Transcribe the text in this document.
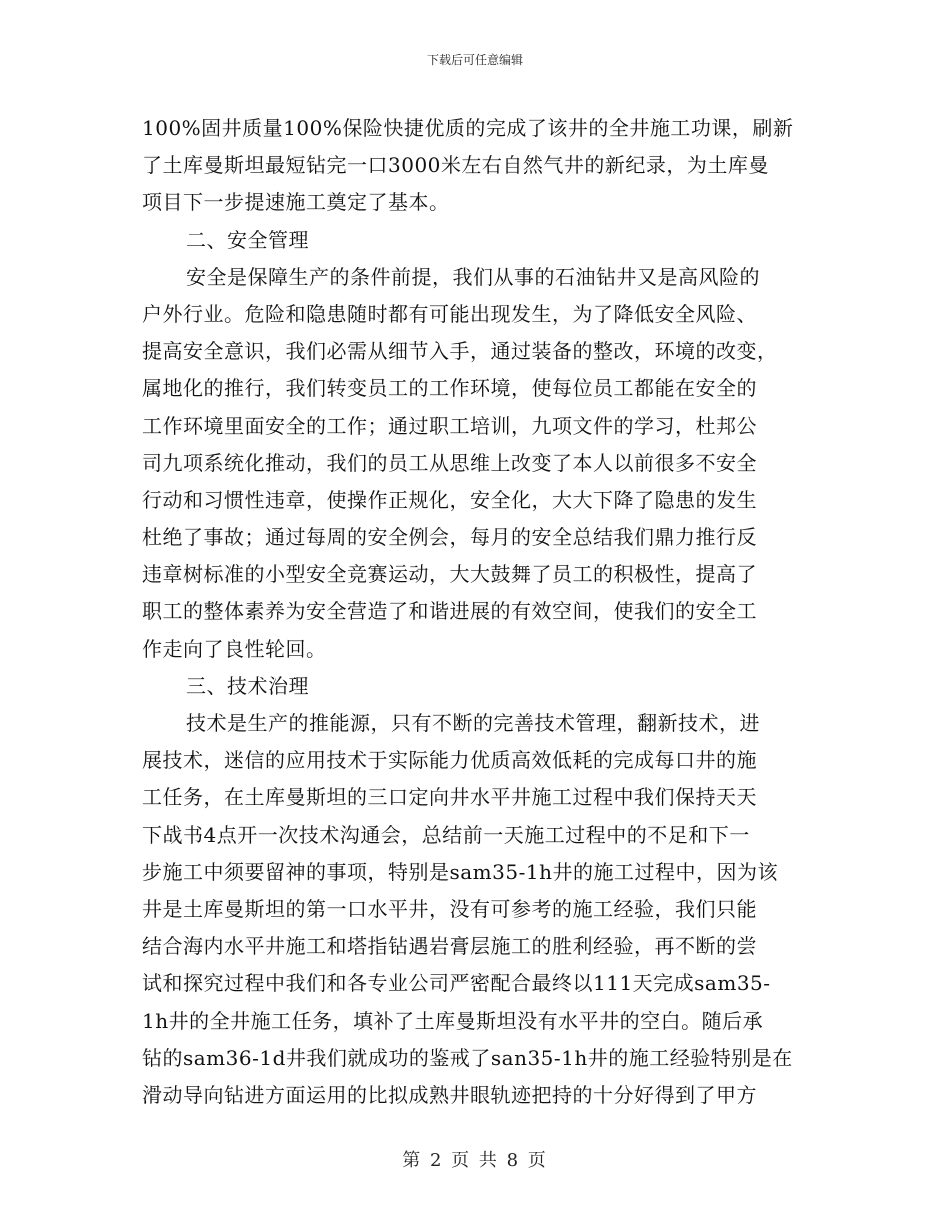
下载后可任意编辑
100%固井质量100%保险快捷优质的完成了该井的全井施工功课，刷新
了土库曼斯坦最短钻完一口3000米左右自然气井的新纪录，为土库曼
项目下一步提速施工奠定了基本。
二、安全管理
安全是保障生产的条件前提，我们从事的石油钻井又是高风险的
户外行业。危险和隐患随时都有可能出现发生，为了降低安全风险、
提高安全意识，我们必需从细节入手，通过装备的整改，环境的改变，
属地化的推行，我们转变员工的工作环境，使每位员工都能在安全的
工作环境里面安全的工作；通过职工培训，九项文件的学习，杜邦公
司九项系统化推动，我们的员工从思维上改变了本人以前很多不安全
行动和习惯性违章，使操作正规化，安全化，大大下降了隐患的发生
杜绝了事故；通过每周的安全例会，每月的安全总结我们鼎力推行反
违章树标准的小型安全竞赛运动，大大鼓舞了员工的积极性，提高了
职工的整体素养为安全营造了和谐进展的有效空间，使我们的安全工
作走向了良性轮回。
三、技术治理
技术是生产的推能源，只有不断的完善技术管理，翻新技术，进
展技术，迷信的应用技术于实际能力优质高效低耗的完成每口井的施
工任务，在土库曼斯坦的三口定向井水平井施工过程中我们保持天天
下战书4点开一次技术沟通会，总结前一天施工过程中的不足和下一
步施工中须要留神的事项，特别是sam35-1h井的施工过程中，因为该
井是土库曼斯坦的第一口水平井，没有可参考的施工经验，我们只能
结合海内水平井施工和塔指钻遇岩膏层施工的胜利经验，再不断的尝
试和探究过程中我们和各专业公司严密配合最终以111天完成sam35-
1h井的全井施工任务，填补了土库曼斯坦没有水平井的空白。随后承
钻的sam36-1d井我们就成功的鉴戒了san35-1h井的施工经验特别是在
滑动导向钻进方面运用的比拟成熟井眼轨迹把持的十分好得到了甲方
第 2 页 共 8 页
